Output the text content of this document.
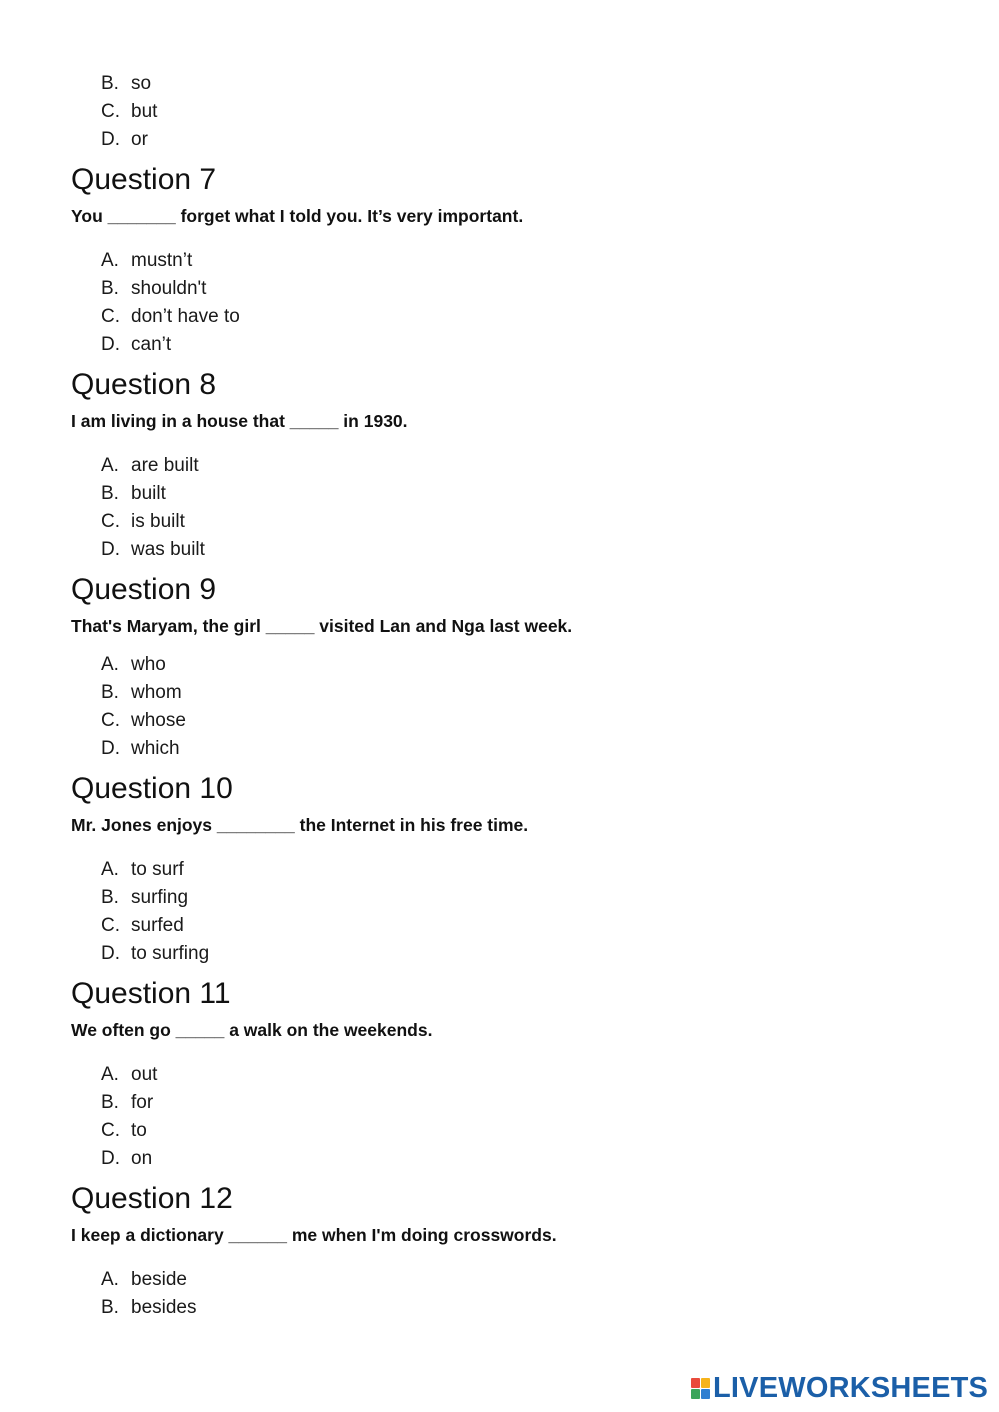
B. so
C. but
D. or
Question 7

You _______ forget what I told you. It’s very important.

A. mustn’t
B. shouldn't
C. don’t have to
D. can’t
Question 8

I am living in a house that _____ in 1930.

A. are built
B. built
C. is built
D. was built
Question 9

That's Maryam, the girl _____ visited Lan and Nga last week.

A. who
B. whom
C. whose
D. which
Question 10

Mr. Jones enjoys ________ the Internet in his free time.

A. to surf
B. surfing
C. surfed
D. to surfing
Question 11

We often go _____ a walk on the weekends.

A. out
B. for
C. to
D. on
Question 12

I keep a dictionary ______ me when I'm doing crosswords.

A. beside
B. besides
LIVEWORKSHEETS
